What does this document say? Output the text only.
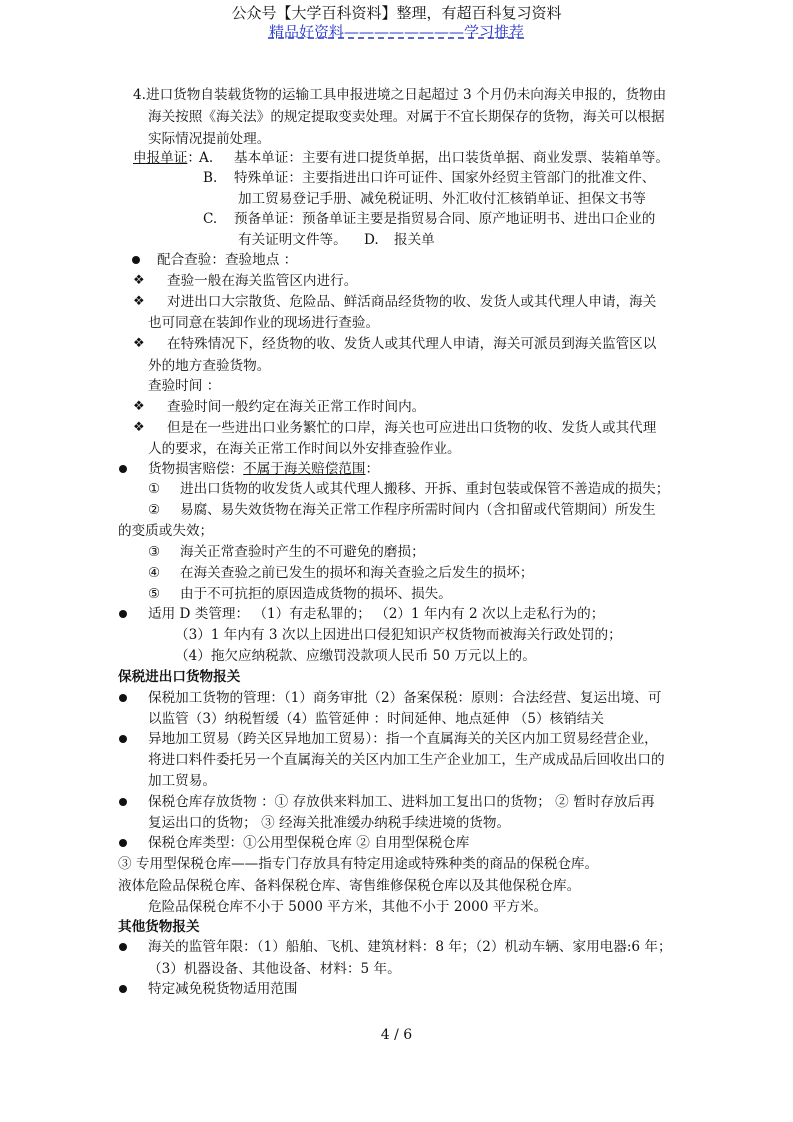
公众号【大学百科资料】整理，有超百科复习资料
精品好资料————————学习推荐
4.进口货物自装载货物的运输工具申报进境之日起超过 3 个月仍未向海关申报的，货物由
海关按照《海关法》的规定提取变卖处理。对属于不宜长期保存的货物，海关可以根据
实际情况提前处理。
申报单证：
A. 基本单证：主要有进口提货单据，出口装货单据、商业发票、装箱单等。
B. 特殊单证：主要指进出口许可证件、国家外经贸主管部门的批准文件、
加工贸易登记手册、减免税证明、外汇收付汇核销单证、担保文书等
C. 预备单证：预备单证主要是指贸易合同、原产地证明书、进出口企业的
有关证明文件等。 D. 报关单
配合查验：查验地点 ：
❖ 查验一般在海关监管区内进行。
❖ 对进出口大宗散货、危险品、鲜活商品经货物的收、发货人或其代理人申请，海关
也可同意在装卸作业的现场进行查验。
❖ 在特殊情况下，经货物的收、发货人或其代理人申请，海关可派员到海关监管区以
外的地方查验货物。
查验时间 ：
❖ 查验时间一般约定在海关正常工作时间内。
❖ 但是在一些进出口业务繁忙的口岸，海关也可应进出口货物的收、发货人或其代理
人的要求，在海关正常工作时间以外安排查验作业。
货物损害赔偿：不属于海关赔偿范围：
① 进出口货物的收发货人或其代理人搬移、开拆、重封包装或保管不善造成的损失；
② 易腐、易失效货物在海关正常工作程序所需时间内（含扣留或代管期间）所发生
的变质或失效；
③ 海关正常查验时产生的不可避免的磨损；
④ 在海关查验之前已发生的损坏和海关查验之后发生的损坏；
⑤ 由于不可抗拒的原因造成货物的损坏、损失。
适用 D 类管理： （1）有走私罪的； （2）1 年内有 2 次以上走私行为的；
（3）1 年内有 3 次以上因进出口侵犯知识产权货物而被海关行政处罚的；
（4）拖欠应纳税款、应缴罚没款项人民币 50 万元以上的。
保税进出口货物报关
保税加工货物的管理：（1）商务审批（2）备案保税：原则：合法经营、复运出境、可
以监管（3）纳税暂缓（4）监管延伸 ：时间延伸、地点延伸 （5）核销结关
异地加工贸易（跨关区异地加工贸易）：指一个直属海关的关区内加工贸易经营企业，
将进口料件委托另一个直属海关的关区内加工生产企业加工，生产成成品后回收出口的
加工贸易。
保税仓库存放货物 ：① 存放供来料加工、进料加工复出口的货物； ② 暂时存放后再
复运出口的货物； ③ 经海关批准缓办纳税手续进境的货物。
保税仓库类型：①公用型保税仓库 ② 自用型保税仓库
③ 专用型保税仓库——指专门存放具有特定用途或特殊种类的商品的保税仓库。
液体危险品保税仓库、备料保税仓库、寄售维修保税仓库以及其他保税仓库。
危险品保税仓库不小于 5000 平方米，其他不小于 2000 平方米。
其他货物报关
海关的监管年限：（1）船舶、飞机、建筑材料：8 年；（2）机动车辆、家用电器:6 年；
（3）机器设备、其他设备、材料：5 年。
特定减免税货物适用范围
4 / 6
